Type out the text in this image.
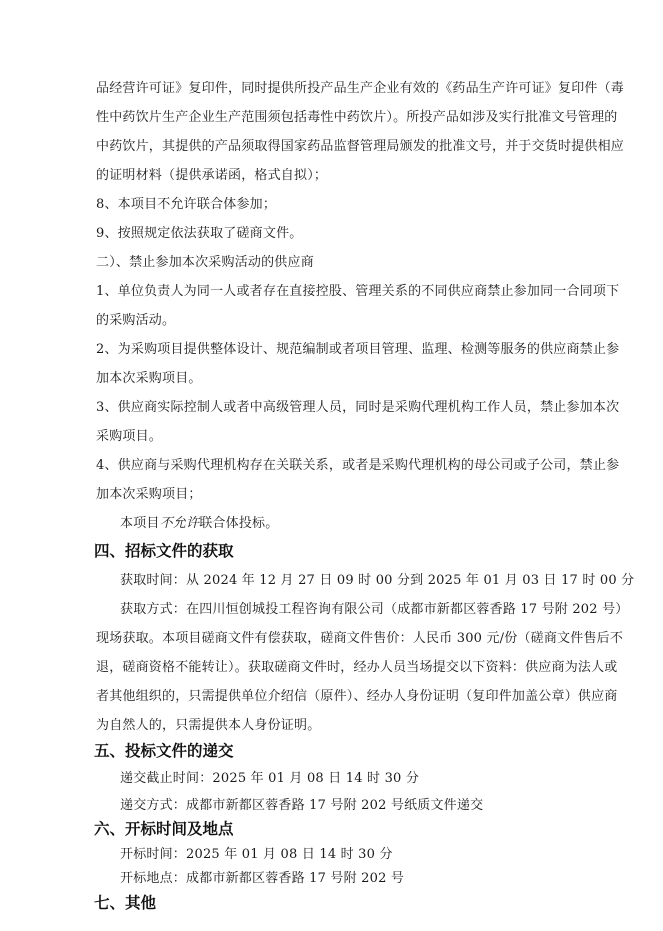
品经营许可证》复印件，同时提供所投产品生产企业有效的《药品生产许可证》复印件（毒
性中药饮片生产企业生产范围须包括毒性中药饮片）。所投产品如涉及实行批准文号管理的
中药饮片，其提供的产品须取得国家药品监督管理局颁发的批准文号，并于交货时提供相应
的证明材料（提供承诺函，格式自拟）；
8、本项目不允许联合体参加；
9、按照规定依法获取了磋商文件。
二）、禁止参加本次采购活动的供应商
1、单位负责人为同一人或者存在直接控股、管理关系的不同供应商禁止参加同一合同项下
的采购活动。
2、为采购项目提供整体设计、规范编制或者项目管理、监理、检测等服务的供应商禁止参
加本次采购项目。
3、供应商实际控制人或者中高级管理人员，同时是采购代理机构工作人员，禁止参加本次
采购项目。
4、供应商与采购代理机构存在关联关系，或者是采购代理机构的母公司或子公司，禁止参
加本次采购项目；
本项目不允许联合体投标。
四、招标文件的获取
获取时间：从 2024 年 12 月 27 日 09 时 00 分到 2025 年 01 月 03 日 17 时 00 分
获取方式：在四川恒创城投工程咨询有限公司（成都市新都区蓉香路 17 号附 202 号）
现场获取。本项目磋商文件有偿获取，磋商文件售价：人民币 300 元/份（磋商文件售后不
退，磋商资格不能转让）。获取磋商文件时，经办人员当场提交以下资料：供应商为法人或
者其他组织的，只需提供单位介绍信（原件）、经办人身份证明（复印件加盖公章）供应商
为自然人的，只需提供本人身份证明。
五、投标文件的递交
递交截止时间：2025 年 01 月 08 日 14 时 30 分
递交方式：成都市新都区蓉香路 17 号附 202 号纸质文件递交
六、开标时间及地点
开标时间：2025 年 01 月 08 日 14 时 30 分
开标地点：成都市新都区蓉香路 17 号附 202 号
七、其他
